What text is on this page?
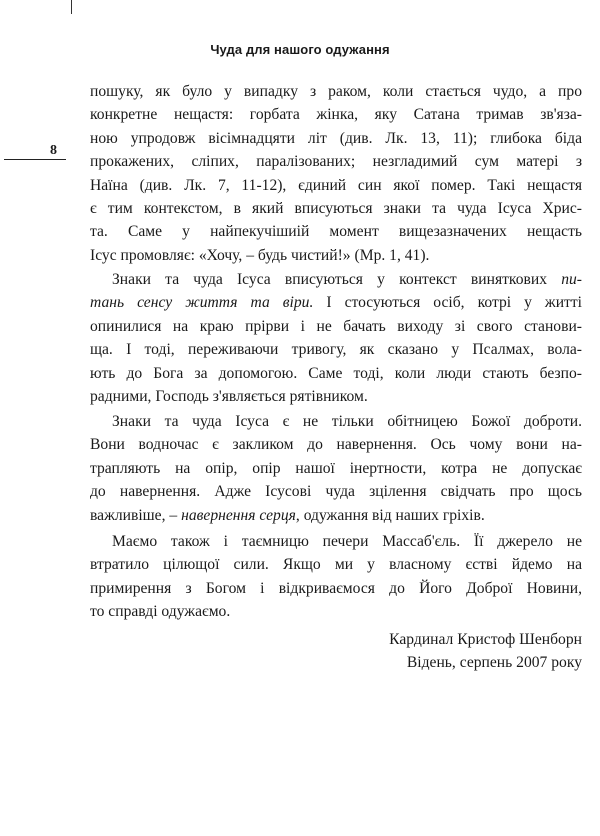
Чуда для нашого одужання
8
пошуку, як було у випадку з раком, коли стається чудо, а про
конкретне нещастя: горбата жінка, яку Сатана тримав зв'яза-
ною упродовж вісімнадцяти літ (див. Лк. 13, 11); глибока біда
прокажених, сліпих, паралізованих; незгладимий сум матері з
Наїна (див. Лк. 7, 11-12), єдиний син якої помер. Такі нещастя
є тим контекстом, в який вписуються знаки та чуда Ісуса Хрис-
та. Саме у найпекучішиій момент вищезазначених нещасть
Ісус промовляє: «Хочу, – будь чистий!» (Мр. 1, 41).
Знаки та чуда Ісуса вписуються у контекст виняткових пи-
тань сенсу життя та віри. І стосуються осіб, котрі у житті
опинилися на краю прірви і не бачать виходу зі свого станови-
ща. І тоді, переживаючи тривогу, як сказано у Псалмах, вола-
ють до Бога за допомогою. Саме тоді, коли люди стають безпо-
радними, Господь з'являється рятівником.
Знаки та чуда Ісуса є не тільки обітницею Божої доброти.
Вони водночас є закликом до навернення. Ось чому вони на-
трапляють на опір, опір нашої інертности, котра не допускає
до навернення. Адже Ісусові чуда зцілення свідчать про щось
важливіше, – навернення серця, одужання від наших гріхів.
Маємо також і таємницю печери Массаб'єль. Її джерело не
втратило цілющої сили. Якщо ми у власному єстві йдемо на
примирення з Богом і відкриваємося до Його Доброї Новини,
то справді одужаємо.
Кардинал Кристоф Шенборн
Відень, серпень 2007 року
